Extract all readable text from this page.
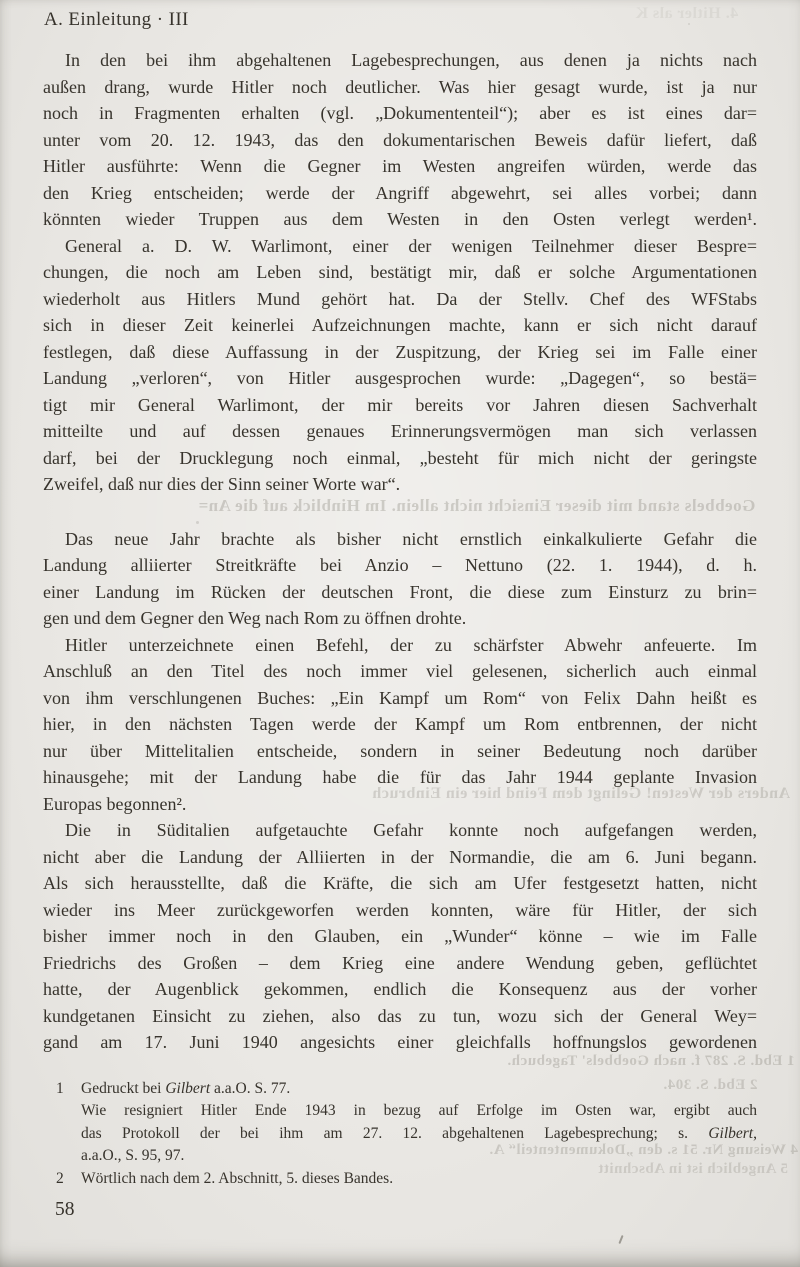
4. Hitler als K
Goebbels stand mit dieser Einsicht nicht allein. Im Hinblick auf die An=
Anders der Westen! Gelingt dem Feind hier ein Einbruch
1 Ebd. S. 287 f. nach Goebbels' Tagebuch.
2 Ebd. S. 304.
4 Weisung Nr. 51 s. den „Dokumententeil“ A.
5 Angeblich ist in Abschnitt
A. Einleitung · III
In den bei ihm abgehaltenen Lagebesprechungen, aus denen ja nichts nach
außen drang, wurde Hitler noch deutlicher. Was hier gesagt wurde, ist ja nur
noch in Fragmenten erhalten (vgl. „Dokumententeil“); aber es ist eines dar=
unter vom 20. 12. 1943, das den dokumentarischen Beweis dafür liefert, daß
Hitler ausführte: Wenn die Gegner im Westen angreifen würden, werde das
den Krieg entscheiden; werde der Angriff abgewehrt, sei alles vorbei; dann
könnten wieder Truppen aus dem Westen in den Osten verlegt werden¹.
General a. D. W. Warlimont, einer der wenigen Teilnehmer dieser Bespre=
chungen, die noch am Leben sind, bestätigt mir, daß er solche Argumentationen
wiederholt aus Hitlers Mund gehört hat. Da der Stellv. Chef des WFStabs
sich in dieser Zeit keinerlei Aufzeichnungen machte, kann er sich nicht darauf
festlegen, daß diese Auffassung in der Zuspitzung, der Krieg sei im Falle einer
Landung „verloren“, von Hitler ausgesprochen wurde: „Dagegen“, so bestä=
tigt mir General Warlimont, der mir bereits vor Jahren diesen Sachverhalt
mitteilte und auf dessen genaues Erinnerungsvermögen man sich verlassen
darf, bei der Drucklegung noch einmal, „besteht für mich nicht der geringste
Zweifel, daß nur dies der Sinn seiner Worte war“.
Das neue Jahr brachte als bisher nicht ernstlich einkalkulierte Gefahr die
Landung alliierter Streitkräfte bei Anzio – Nettuno (22. 1. 1944), d. h.
einer Landung im Rücken der deutschen Front, die diese zum Einsturz zu brin=
gen und dem Gegner den Weg nach Rom zu öffnen drohte.
Hitler unterzeichnete einen Befehl, der zu schärfster Abwehr anfeuerte. Im
Anschluß an den Titel des noch immer viel gelesenen, sicherlich auch einmal
von ihm verschlungenen Buches: „Ein Kampf um Rom“ von Felix Dahn heißt es
hier, in den nächsten Tagen werde der Kampf um Rom entbrennen, der nicht
nur über Mittelitalien entscheide, sondern in seiner Bedeutung noch darüber
hinausgehe; mit der Landung habe die für das Jahr 1944 geplante Invasion
Europas begonnen².
Die in Süditalien aufgetauchte Gefahr konnte noch aufgefangen werden,
nicht aber die Landung der Alliierten in der Normandie, die am 6. Juni begann.
Als sich herausstellte, daß die Kräfte, die sich am Ufer festgesetzt hatten, nicht
wieder ins Meer zurückgeworfen werden konnten, wäre für Hitler, der sich
bisher immer noch in den Glauben, ein „Wunder“ könne – wie im Falle
Friedrichs des Großen – dem Krieg eine andere Wendung geben, geflüchtet
hatte, der Augenblick gekommen, endlich die Konsequenz aus der vorher
kundgetanen Einsicht zu ziehen, also das zu tun, wozu sich der General Wey=
gand am 17. Juni 1940 angesichts einer gleichfalls hoffnungslos gewordenen
1	Gedruckt bei Gilbert a.a.O. S. 77.
Wie resigniert Hitler Ende 1943 in bezug auf Erfolge im Osten war, ergibt auch
das Protokoll der bei ihm am 27. 12. abgehaltenen Lagebesprechung; s. Gilbert,
a.a.O., S. 95, 97.
2	Wörtlich nach dem 2. Abschnitt, 5. dieses Bandes.
58
